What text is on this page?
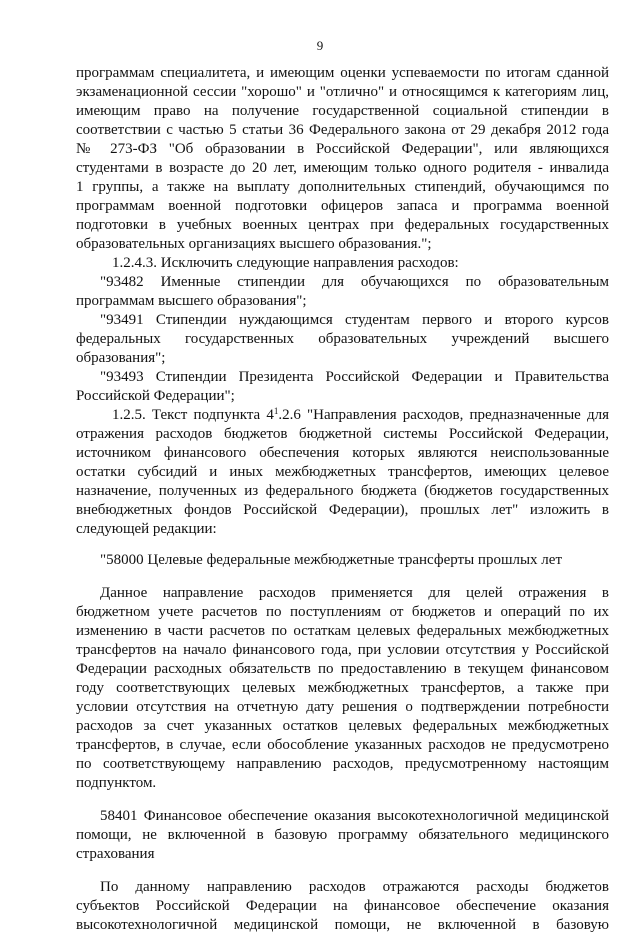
9
программам специалитета, и имеющим оценки успеваемости по итогам сданной
экзаменационной сессии "хорошо" и "отлично" и относящимся к категориям лиц,
имеющим право на получение государственной социальной стипендии в
соответствии с частью 5 статьи 36 Федерального закона от 29 декабря 2012 года
№ 273-ФЗ "Об образовании в Российской Федерации", или являющихся
студентами в возрасте до 20 лет, имеющим только одного родителя - инвалида
1 группы, а также на выплату дополнительных стипендий, обучающимся по
программам военной подготовки офицеров запаса и программа военной
подготовки в учебных военных центрах при федеральных государственных
образовательных организациях высшего образования.";
1.2.4.3. Исключить следующие направления расходов:
"93482 Именные стипендии для обучающихся по образовательным
программам высшего образования";
"93491 Стипендии нуждающимся студентам первого и второго курсов
федеральных государственных образовательных учреждений высшего
образования";
"93493 Стипендии Президента Российской Федерации и Правительства
Российской Федерации";
1.2.5. Текст подпункта $4^1.2.6$ "Направления расходов, предназначенные для
отражения расходов бюджетов бюджетной системы Российской Федерации,
источником финансового обеспечения которых являются неиспользованные
остатки субсидий и иных межбюджетных трансфертов, имеющих целевое
назначение, полученных из федерального бюджета (бюджетов государственных
внебюджетных фондов Российской Федерации), прошлых лет" изложить в
следующей редакции:
"58000 Целевые федеральные межбюджетные трансферты прошлых лет
Данное направление расходов применяется для целей отражения в
бюджетном учете расчетов по поступлениям от бюджетов и операций по их
изменению в части расчетов по остаткам целевых федеральных межбюджетных
трансфертов на начало финансового года, при условии отсутствия у Российской
Федерации расходных обязательств по предоставлению в текущем финансовом
году соответствующих целевых межбюджетных трансфертов, а также при
условии отсутствия на отчетную дату решения о подтверждении потребности
расходов за счет указанных остатков целевых федеральных межбюджетных
трансфертов, в случае, если обособление указанных расходов не предусмотрено
по соответствующему направлению расходов, предусмотренному настоящим
подпунктом.
58401 Финансовое обеспечение оказания высокотехнологичной медицинской
помощи, не включенной в базовую программу обязательного медицинского
страхования
По данному направлению расходов отражаются расходы бюджетов
субъектов Российской Федерации на финансовое обеспечение оказания
высокотехнологичной медицинской помощи, не включенной в базовую
